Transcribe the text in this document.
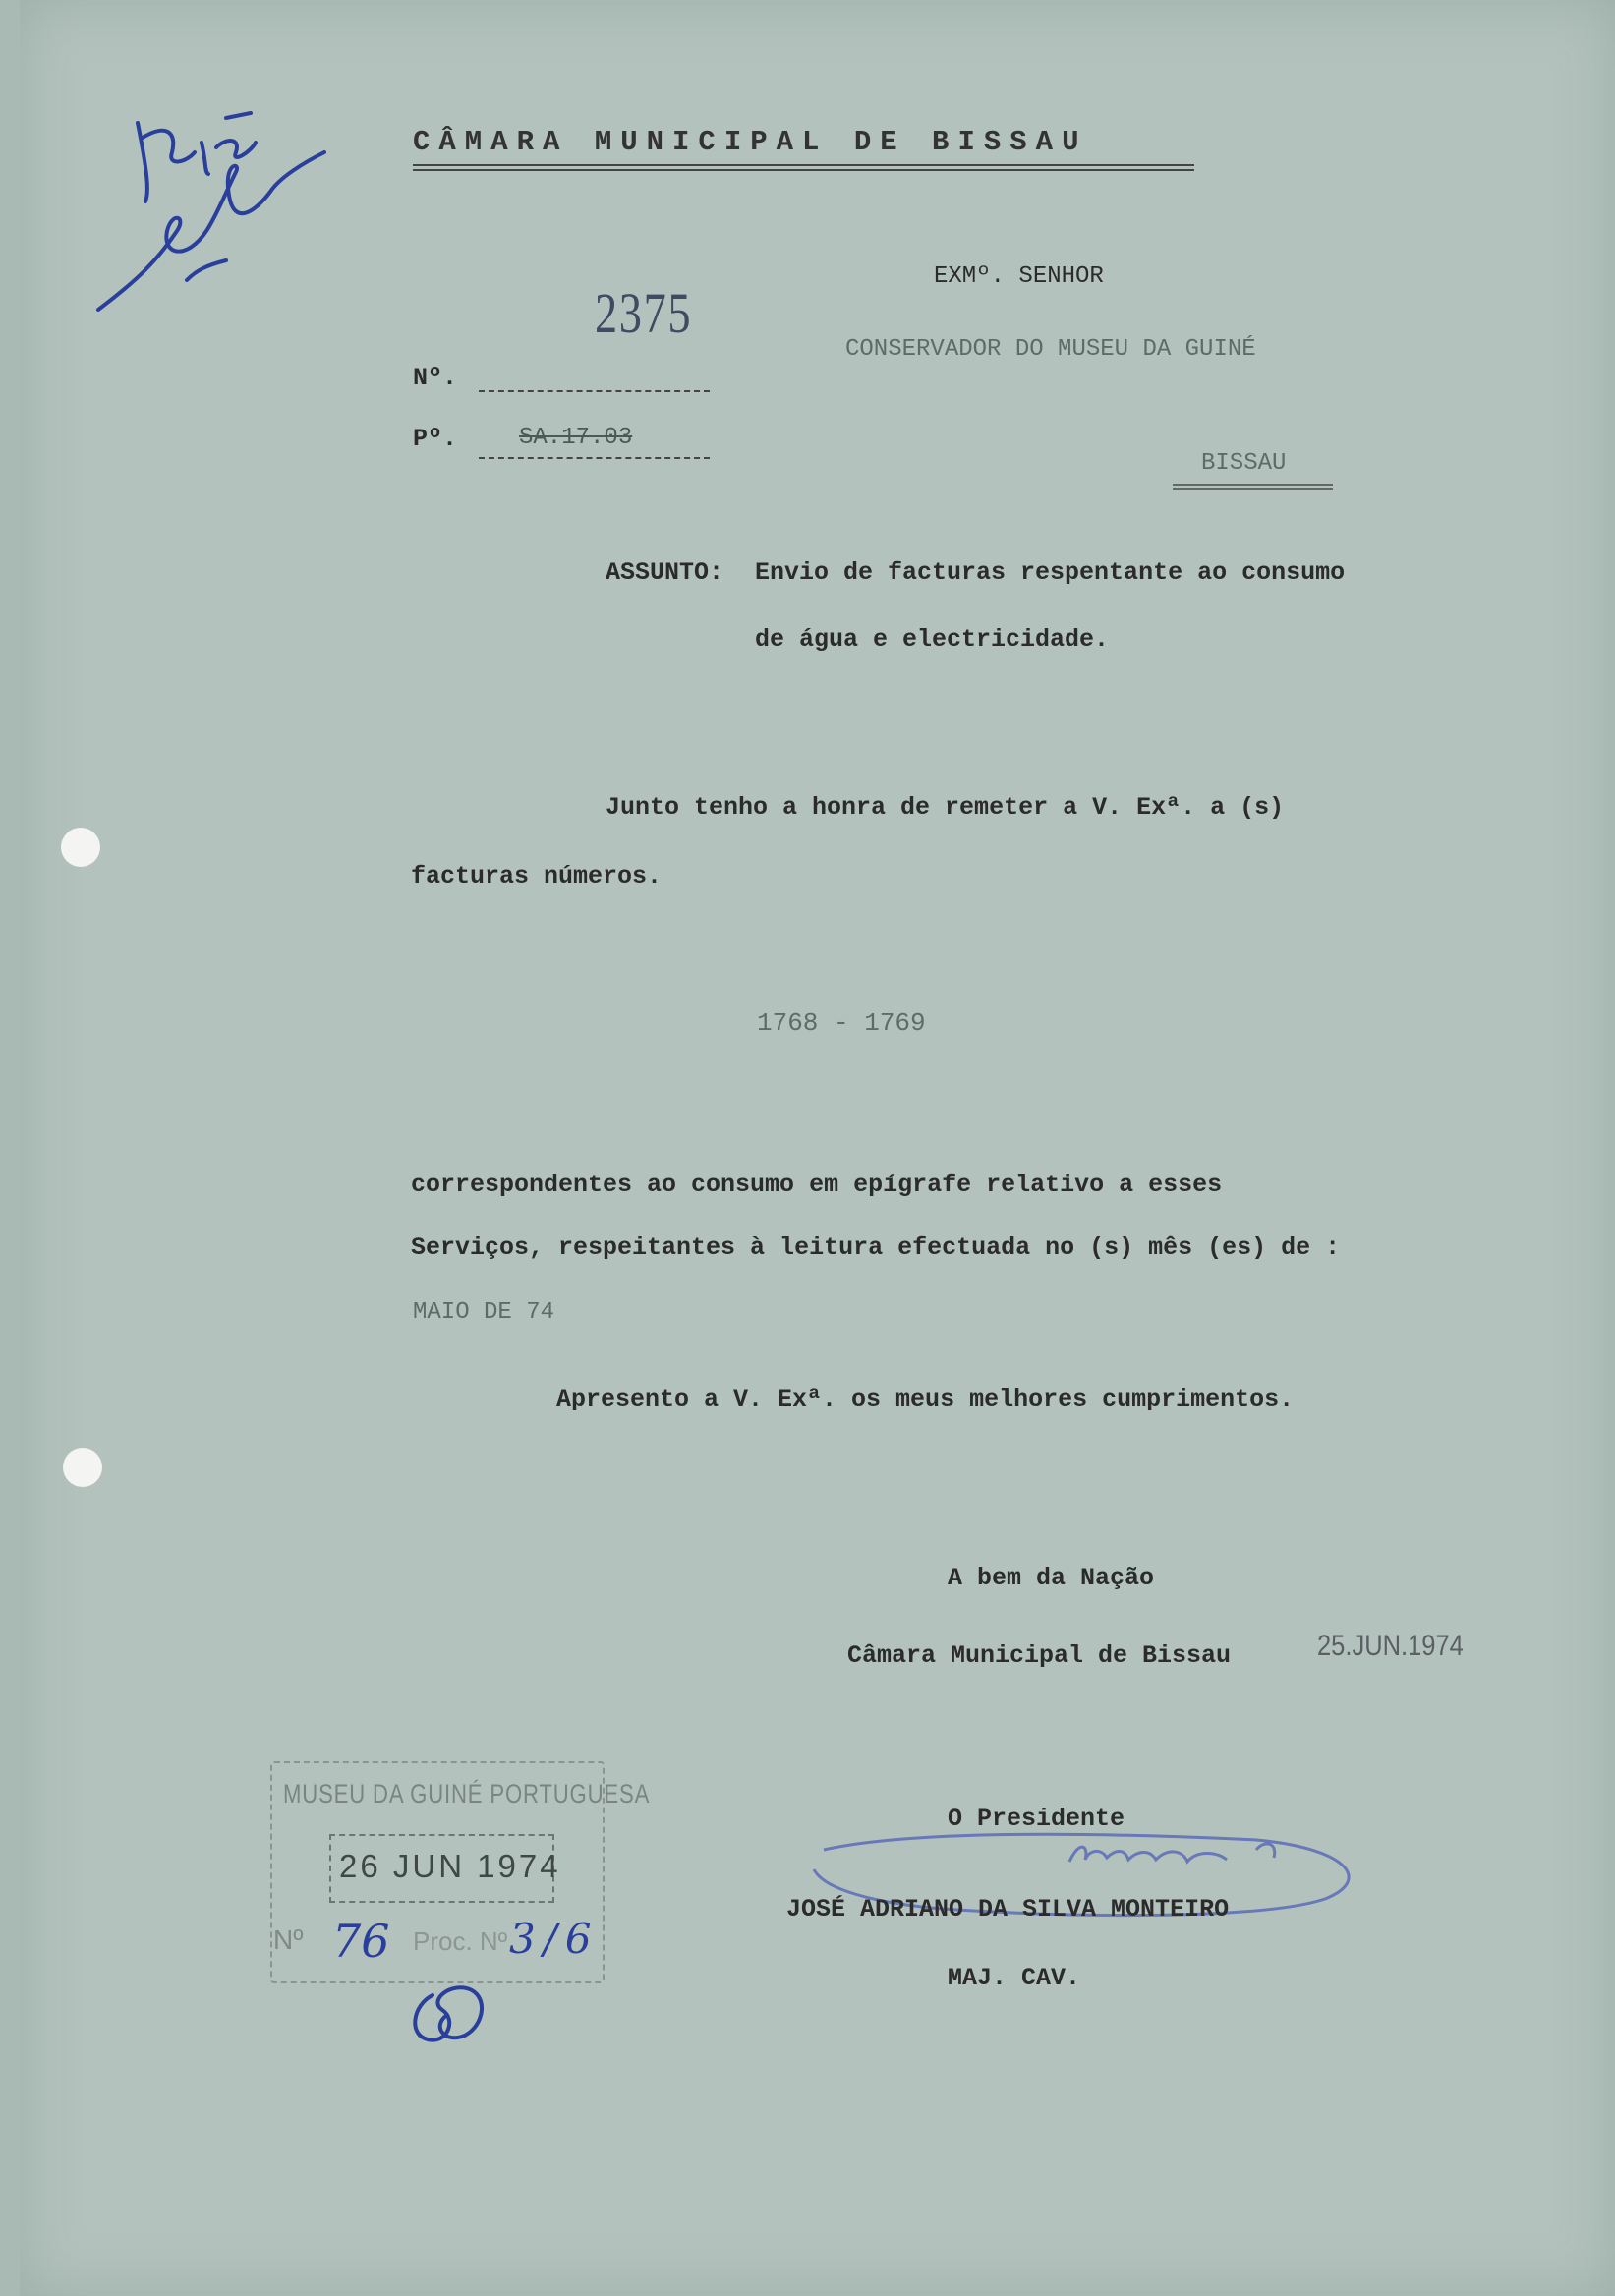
CÂMARA MUNICIPAL DE BISSAU
2375
Nº.
Pº.	SA.17.03
EXMº. SENHOR
CONSERVADOR DO MUSEU DA GUINÉ
BISSAU
ASSUNTO: Envio de facturas respentante ao consumo
de água e electricidade.
Junto tenho a honra de remeter a V. Exª. a (s)
facturas números.
1768 - 1769
correspondentes ao consumo em epígrafe relativo a esses
Serviços, respeitantes à leitura efectuada no (s) mês (es) de :
MAIO DE 74
Apresento a V. Exª. os meus melhores cumprimentos.
A bem da Nação
Câmara Municipal de Bissau	25.JUN.1974
O Presidente
JOSÉ ADRIANO DA SILVA MONTEIRO
MAJ. CAV.
MUSEU DA GUINÉ PORTUGUESA
26 JUN 1974
Nº 76 Proc. Nº 3/6
